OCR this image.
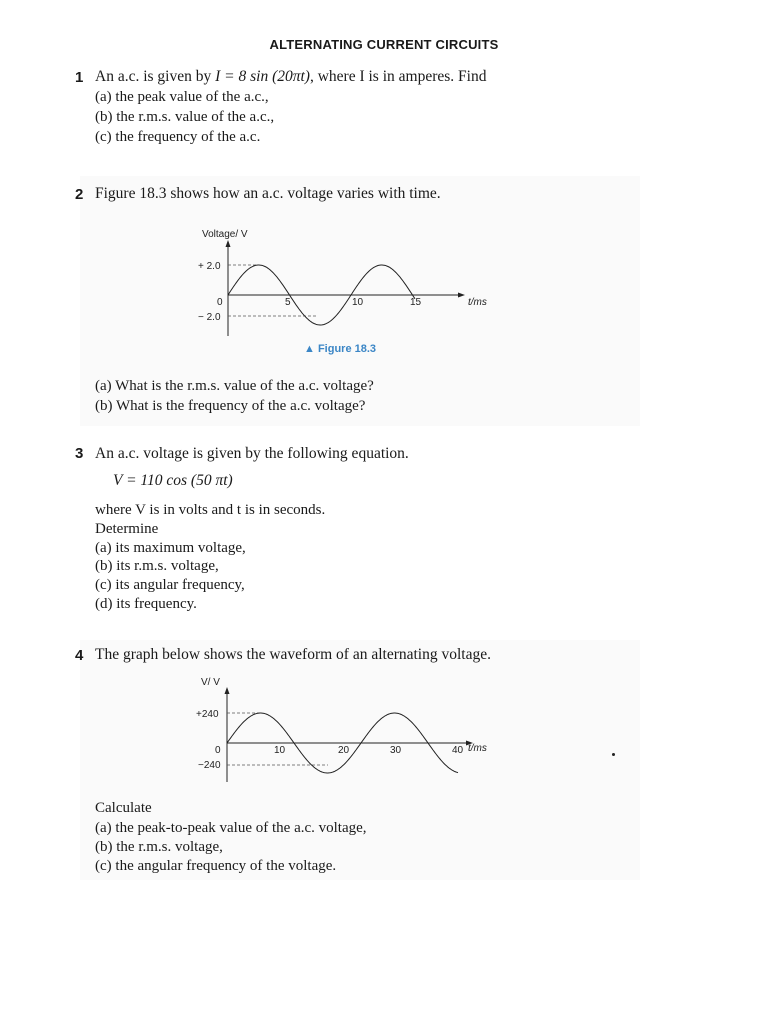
ALTERNATING CURRENT CIRCUITS
1 An a.c. is given by I = 8 sin (20πt), where I is in amperes. Find
(a) the peak value of the a.c.,
(b) the r.m.s. value of the a.c.,
(c) the frequency of the a.c.
2 Figure 18.3 shows how an a.c. voltage varies with time.
Voltage/ V
+ 2.0
0
− 2.0
5	10	15	t/ms
▲ Figure 18.3
(a) What is the r.m.s. value of the a.c. voltage?
(b) What is the frequency of the a.c. voltage?
3 An a.c. voltage is given by the following equation.
V = 110 cos (50 πt)
where V is in volts and t is in seconds.
Determine
(a) its maximum voltage,
(b) its r.m.s. voltage,
(c) its angular frequency,
(d) its frequency.
4 The graph below shows the waveform of an alternating voltage.
V/ V
+240
0
−240
10	20	30	40 t/ms
Calculate
(a) the peak-to-peak value of the a.c. voltage,
(b) the r.m.s. voltage,
(c) the angular frequency of the voltage.
